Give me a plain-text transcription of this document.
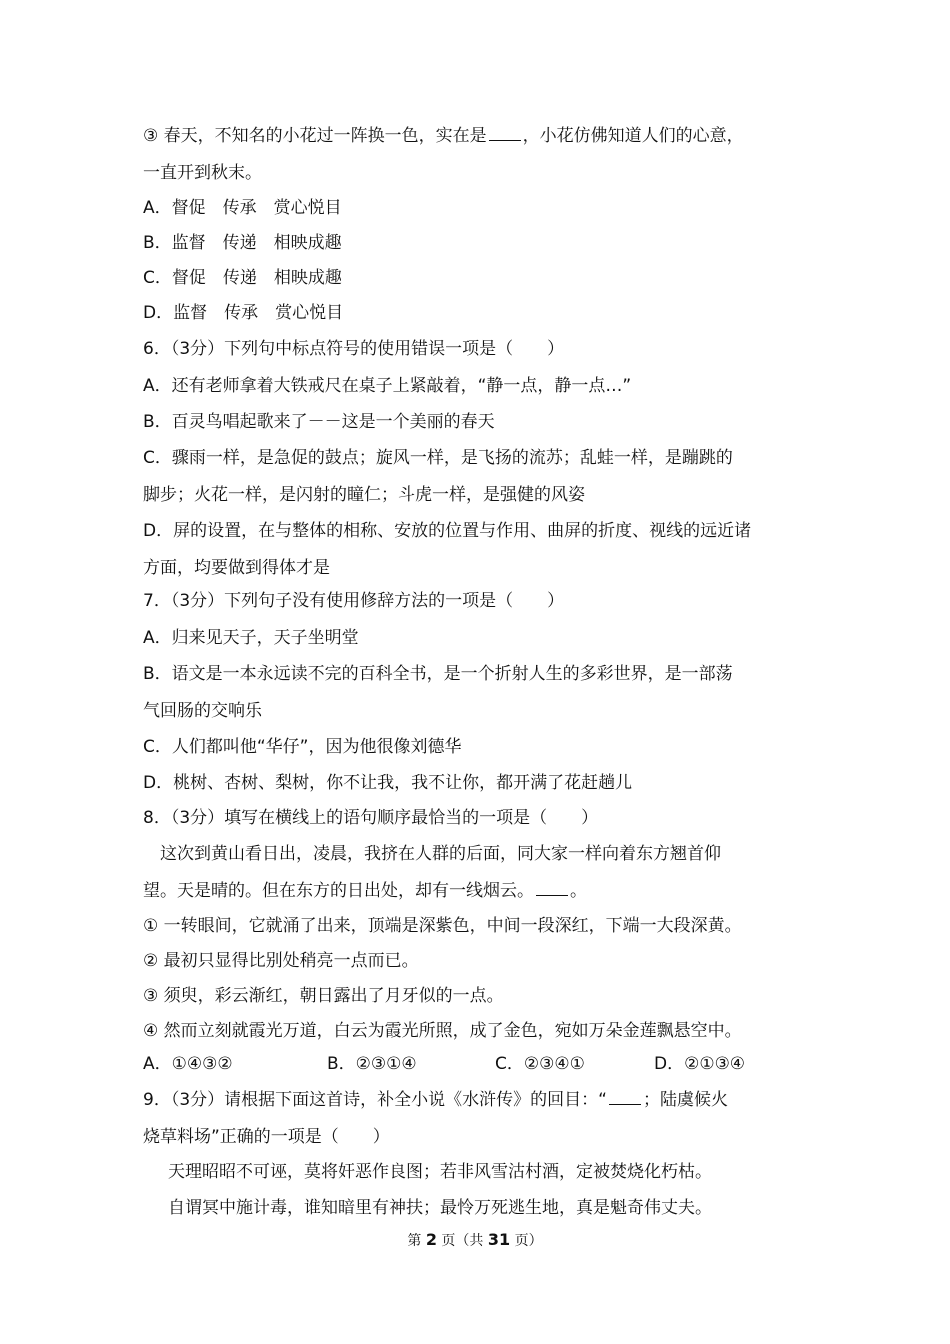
③ 春天，不知名的小花过一阵换一色，实在是 ，小花仿佛知道人们的心意，
一直开到秋末。
A．督促　传承　赏心悦目
B．监督　传递　相映成趣
C．督促　传递　相映成趣
D．监督　传承　赏心悦目
6．（3分）下列句中标点符号的使用错误一项是（　　）
A．还有老师拿着大铁戒尺在桌子上紧敲着，“静一点，静一点…”
B．百灵鸟唱起歌来了－－这是一个美丽的春天
C．骤雨一样，是急促的鼓点；旋风一样，是飞扬的流苏；乱蛙一样，是蹦跳的
脚步；火花一样，是闪射的瞳仁；斗虎一样，是强健的风姿
D．屏的设置，在与整体的相称、安放的位置与作用、曲屏的折度、视线的远近诸
方面，均要做到得体才是
7．（3分）下列句子没有使用修辞方法的一项是（　　）
A．归来见天子，天子坐明堂
B．语文是一本永远读不完的百科全书，是一个折射人生的多彩世界，是一部荡
气回肠的交响乐
C．人们都叫他“华仔”，因为他很像刘德华
D．桃树、杏树、梨树，你不让我，我不让你，都开满了花赶趟儿
8．（3分）填写在横线上的语句顺序最恰当的一项是（　　）
这次到黄山看日出，凌晨，我挤在人群的后面，同大家一样向着东方翘首仰
望。天是晴的。但在东方的日出处，却有一线烟云。 。
① 一转眼间，它就涌了出来，顶端是深紫色，中间一段深红，下端一大段深黄。
② 最初只显得比别处稍亮一点而已。
③ 须臾，彩云渐红，朝日露出了月牙似的一点。
④ 然而立刻就霞光万道，白云为霞光所照，成了金色，宛如万朵金莲飘悬空中。
A．①④③②	B．②③①④	C．②③④①	D．②①③④
9．（3分）请根据下面这首诗，补全小说《水浒传》的回目：“ ；陆虞候火
烧草料场”正确的一项是（　　）
天理昭昭不可诬，莫将奸恶作良图；若非风雪沽村酒，定被焚烧化朽枯。
自谓冥中施计毒，谁知暗里有神扶；最怜万死逃生地，真是魁奇伟丈夫。
第 2 页（共 31 页）
